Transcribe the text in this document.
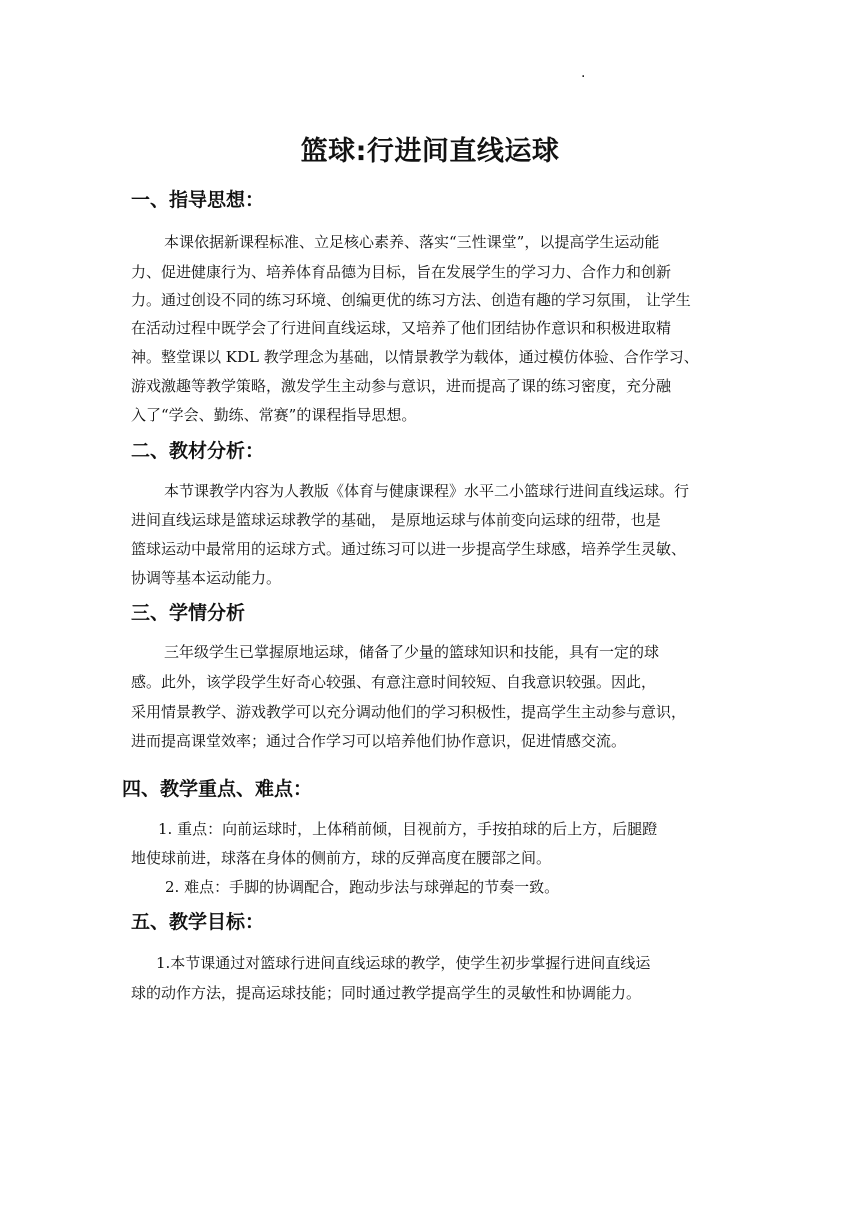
.
篮球:行进间直线运球
一、指导思想：
本课依据新课程标准、立足核心素养、落实“三性课堂”，以提高学生运动能
力、促进健康行为、培养体育品德为目标，旨在发展学生的学习力、合作力和创新
力。通过创设不同的练习环境、创编更优的练习方法、创造有趣的学习氛围， 让学生
在活动过程中既学会了行进间直线运球，又培养了他们团结协作意识和积极进取精
神。整堂课以 KDL 教学理念为基础，以情景教学为载体，通过模仿体验、合作学习、
游戏激趣等教学策略，激发学生主动参与意识，进而提高了课的练习密度，充分融
入了“学会、勤练、常赛”的课程指导思想。
二、教材分析：
本节课教学内容为人教版《体育与健康课程》水平二小篮球行进间直线运球。行
进间直线运球是篮球运球教学的基础， 是原地运球与体前变向运球的纽带，也是
篮球运动中最常用的运球方式。通过练习可以进一步提高学生球感，培养学生灵敏、
协调等基本运动能力。
三、学情分析
三年级学生已掌握原地运球，储备了少量的篮球知识和技能，具有一定的球
感。此外，该学段学生好奇心较强、有意注意时间较短、自我意识较强。因此，
采用情景教学、游戏教学可以充分调动他们的学习积极性，提高学生主动参与意识，
进而提高课堂效率；通过合作学习可以培养他们协作意识，促进情感交流。
四、教学重点、难点：
1. 重点：向前运球时，上体稍前倾，目视前方，手按拍球的后上方，后腿蹬
地使球前进，球落在身体的侧前方，球的反弹高度在腰部之间。
2. 难点：手脚的协调配合，跑动步法与球弹起的节奏一致。
五、教学目标：
1.本节课通过对篮球行进间直线运球的教学，使学生初步掌握行进间直线运
球的动作方法，提高运球技能；同时通过教学提高学生的灵敏性和协调能力。
